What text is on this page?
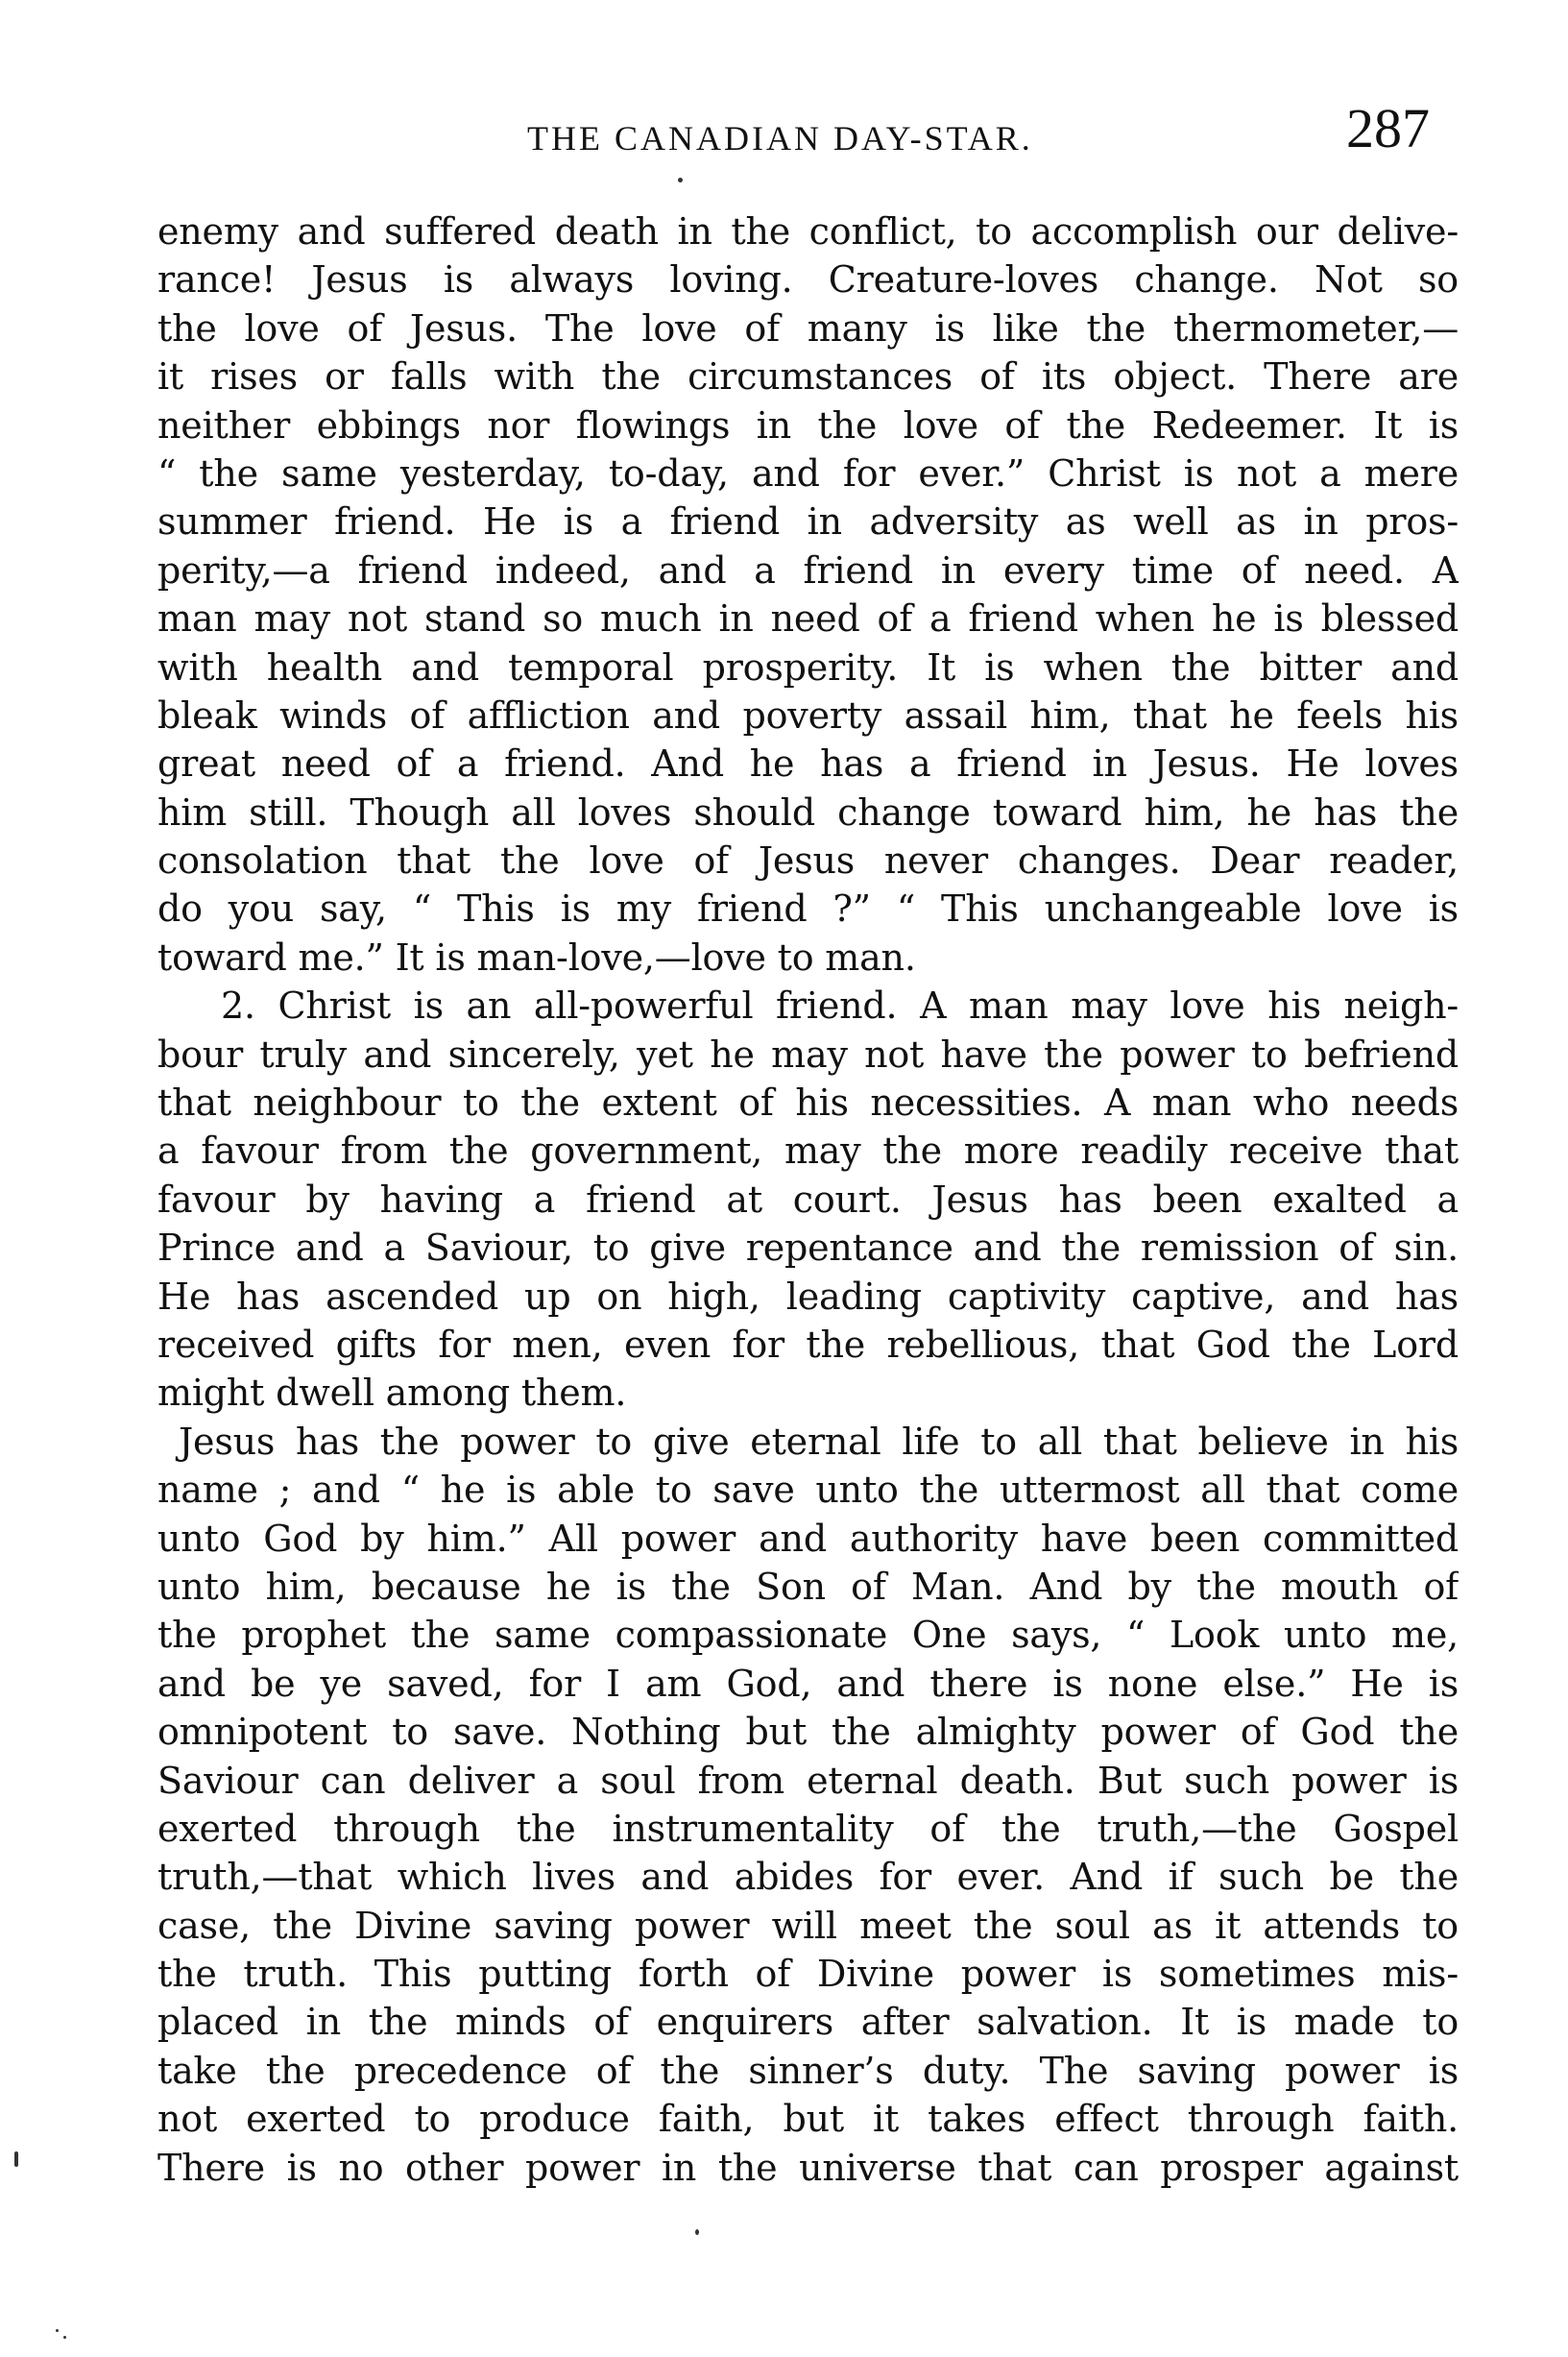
THE CANADIAN DAY-STAR.	287
enemy and suffered death in the conflict, to accomplish our delive-
rance! Jesus is always loving. Creature-loves change. Not so
the love of Jesus. The love of many is like the thermometer,—
it rises or falls with the circumstances of its object. There are
neither ebbings nor flowings in the love of the Redeemer. It is
“ the same yesterday, to-day, and for ever.” Christ is not a mere
summer friend. He is a friend in adversity as well as in pros-
perity,—a friend indeed, and a friend in every time of need. A
man may not stand so much in need of a friend when he is blessed
with health and temporal prosperity. It is when the bitter and
bleak winds of affliction and poverty assail him, that he feels his
great need of a friend. And he has a friend in Jesus. He loves
him still. Though all loves should change toward him, he has the
consolation that the love of Jesus never changes. Dear reader,
do you say, “ This is my friend ?” “ This unchangeable love is
toward me.” It is man-love,—love to man.
2. Christ is an all-powerful friend. A man may love his neigh-
bour truly and sincerely, yet he may not have the power to befriend
that neighbour to the extent of his necessities. A man who needs
a favour from the government, may the more readily receive that
favour by having a friend at court. Jesus has been exalted a
Prince and a Saviour, to give repentance and the remission of sin.
He has ascended up on high, leading captivity captive, and has
received gifts for men, even for the rebellious, that God the Lord
might dwell among them.
Jesus has the power to give eternal life to all that believe in his
name ; and “ he is able to save unto the uttermost all that come
unto God by him.” All power and authority have been committed
unto him, because he is the Son of Man. And by the mouth of
the prophet the same compassionate One says, “ Look unto me,
and be ye saved, for I am God, and there is none else.” He is
omnipotent to save. Nothing but the almighty power of God the
Saviour can deliver a soul from eternal death. But such power is
exerted through the instrumentality of the truth,—the Gospel
truth,—that which lives and abides for ever. And if such be the
case, the Divine saving power will meet the soul as it attends to
the truth. This putting forth of Divine power is sometimes mis-
placed in the minds of enquirers after salvation. It is made to
take the precedence of the sinner’s duty. The saving power is
not exerted to produce faith, but it takes effect through faith.
There is no other power in the universe that can prosper against
